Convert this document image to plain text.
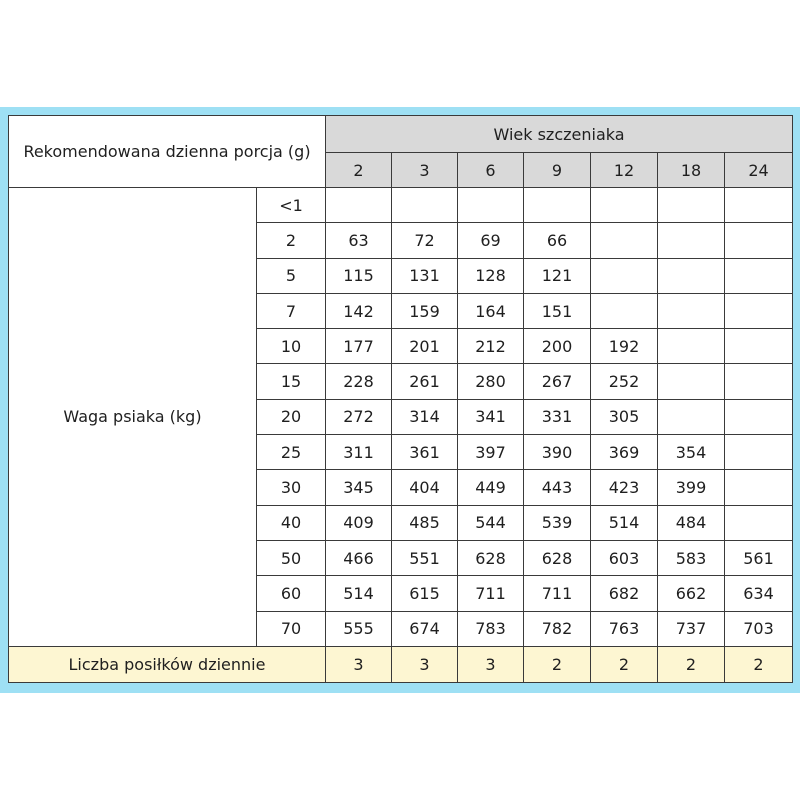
Rekomendowana dzienna porcja (g)		Wiek szczeniaka						
		2	3	6	9	12	18	24
Waga psiaka (kg)	<1							
	2	63	72	69	66			
	5	115	131	128	121			
	7	142	159	164	151			
	10	177	201	212	200	192		
	15	228	261	280	267	252		
	20	272	314	341	331	305		
	25	311	361	397	390	369	354	
	30	345	404	449	443	423	399	
	40	409	485	544	539	514	484	
	50	466	551	628	628	603	583	561
	60	514	615	711	711	682	662	634
	70	555	674	783	782	763	737	703
Liczba posiłków dziennie		3	3	3	2	2	2	2
